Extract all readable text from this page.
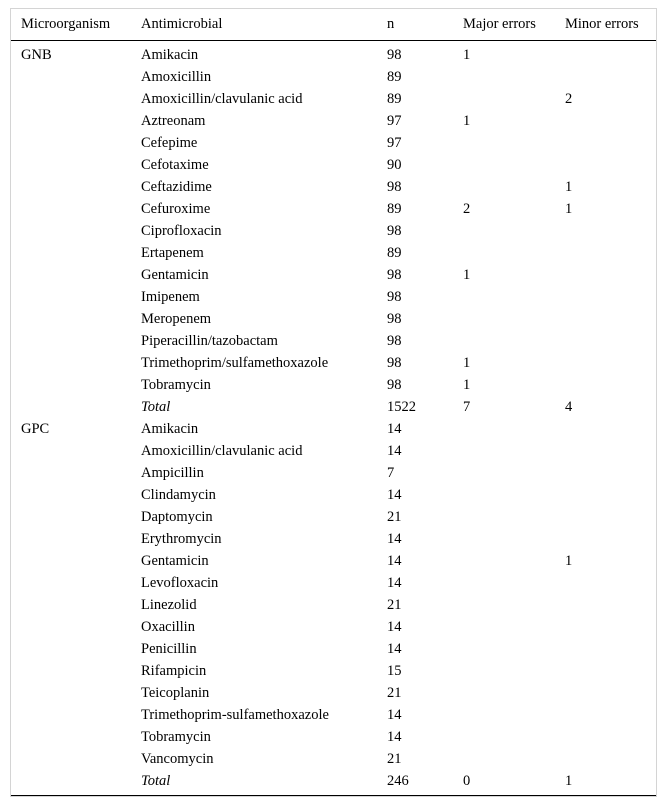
Microorganism	Antimicrobial	n	Major errors	Minor errors
GNB	Amikacin	98	1	
	Amoxicillin	89		
	Amoxicillin/clavulanic acid	89		2
	Aztreonam	97	1	
	Cefepime	97		
	Cefotaxime	90		
	Ceftazidime	98		1
	Cefuroxime	89	2	1
	Ciprofloxacin	98		
	Ertapenem	89		
	Gentamicin	98	1	
	Imipenem	98		
	Meropenem	98		
	Piperacillin/tazobactam	98		
	Trimethoprim/sulfamethoxazole	98	1	
	Tobramycin	98	1	
	Total	1522	7	4
GPC	Amikacin	14		
	Amoxicillin/clavulanic acid	14		
	Ampicillin	7		
	Clindamycin	14		
	Daptomycin	21		
	Erythromycin	14		
	Gentamicin	14		1
	Levofloxacin	14		
	Linezolid	21		
	Oxacillin	14		
	Penicillin	14		
	Rifampicin	15		
	Teicoplanin	21		
	Trimethoprim-sulfamethoxazole	14		
	Tobramycin	14		
	Vancomycin	21		
	Total	246	0	1
